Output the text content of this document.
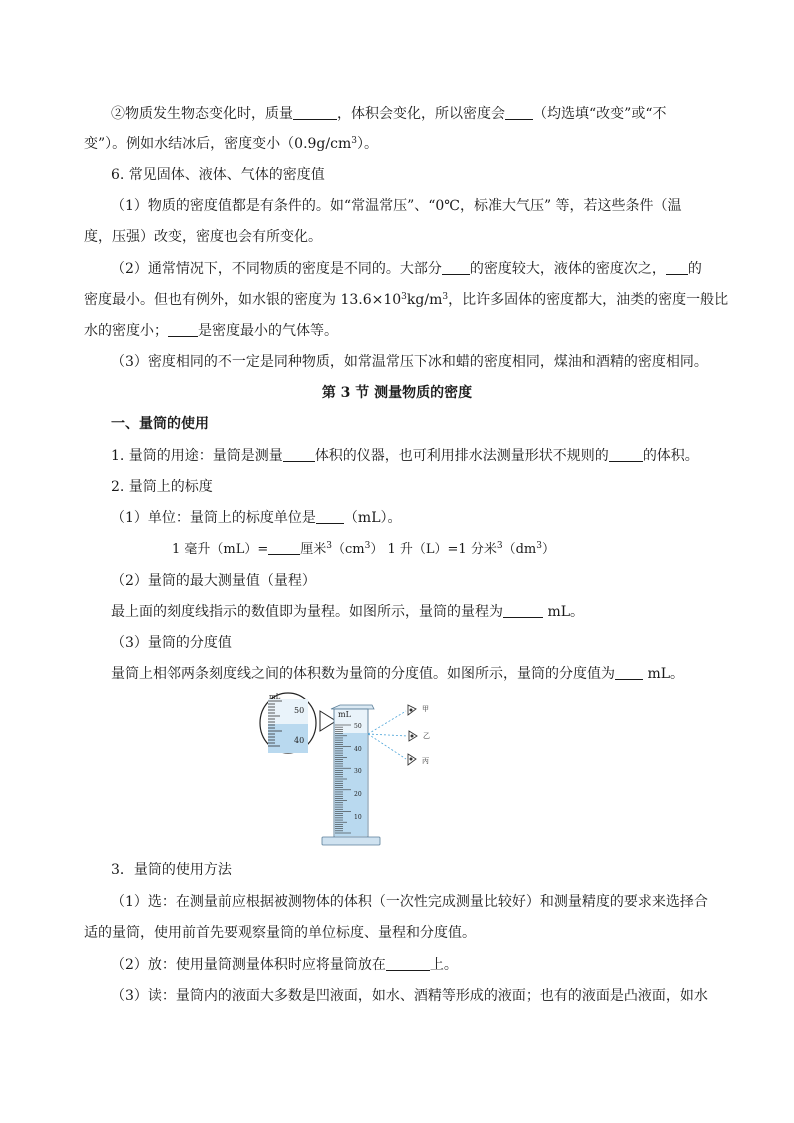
②物质发生物态变化时，质量	，体积会变化，所以密度会 （均选填“改变”或“不
变”）。例如水结冰后，密度变小$(0.9g/cm^3)$。
6. 常见固体、液体、气体的密度值
（1）物质的密度值都是有条件的。如“常温常压”、“0℃，标准大气压” 等，若这些条件（温
度，压强）改变，密度也会有所变化。
（2）通常情况下，不同物质的密度是不同的。大部分 的密度较大，液体的密度次之， 的
密度最小。但也有例外，如水银的密度为 $13.6\times 10^3kg/m^3$，比许多固体的密度都大，油类的密度一般比
水的密度小； 是密度最小的气体等。
（3）密度相同的不一定是同种物质，如常温常压下冰和蜡的密度相同，煤油和酒精的密度相同。
第 3 节 测量物质的密度
一、量筒的使用
1. 量筒的用途：量筒是测量 体积的仪器，也可利用排水法测量形状不规则的 的体积。
2. 量筒上的标度
（1）单位：量筒上的标度单位是 （mL）。
1 毫升（mL）= 厘米$^3(cm^3)$ 1 升（L）=1 分米$^3(dm^3)$
（2）量筒的最大测量值（量程）
最上面的刻度线指示的数值即为量程。如图所示，量筒的量程为	mL。
（3）量筒的分度值
量筒上相邻两条刻度线之间的体积数为量筒的分度值。如图所示，量筒的分度值为 mL。
mL
50
40
mL
50
40
30
20
10
甲
乙
丙
3．量筒的使用方法
（1）选：在测量前应根据被测物体的体积（一次性完成测量比较好）和测量精度的要求来选择合
适的量筒，使用前首先要观察量筒的单位标度、量程和分度值。
（2）放：使用量筒测量体积时应将量筒放在	上。
（3）读：量筒内的液面大多数是凹液面，如水、酒精等形成的液面；也有的液面是凸液面，如水
